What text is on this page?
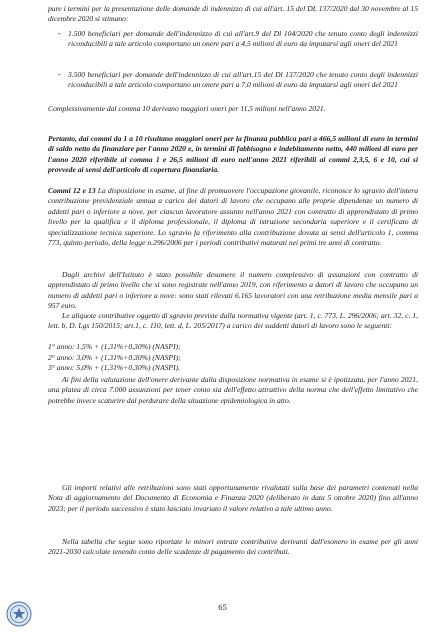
pure i termini per la presentazione delle domande di indennizzo di cui all'art. 15 del DL 137/2020 dal 30 novembre al 15 dicembre 2020 si stimano:

- 1.500 beneficiari per domande dell'indennizzo di cui all'art.9 del Dl 104/2020 che tenuto conto degli indennizzi riconducibili a tale articolo comportano un onere pari a 4,5 milioni di euro da imputarsi agli oneri del 2021

- 3.500 beneficiari per domande dell'indennizzo di cui all'art.15 del Dl 137/2020 che tenuto conto degli indennizzi riconducibili a tale articolo comportano un onere pari a 7,0 milioni di euro da imputarsi agli oneri del 2021

Complessivamente dal comma 10 derivano maggiori oneri per 11,5 milioni nell'anno 2021.

Pertanto, dai commi da 1 a 10 risultano maggiori oneri per la finanza pubblica pari a 466,5 milioni di euro in termini di saldo netto da finanziare per l'anno 2020 e, in termini di fabbisogno e indebitamento netto, 440 milioni di euro per l'anno 2020 riferibile al comma 1 e 26,5 milioni di euro nell'anno 2021 riferibili ai commi 2,3,5, 6 e 10, cui si provvede ai sensi dell'articolo di copertura finanziaria.

Commi 12 e 13 La disposizione in esame, al fine di promuovere l'occupazione giovanile, riconosce lo sgravio dell'intera contribuzione previdenziale annua a carico dei datori di lavoro che occupano alle proprie dipendenze un numero di addetti pari o inferiore a nove, per ciascun lavoratore assunto nell'anno 2021 con contratto di apprendistato di primo livello per la qualifica e il diploma professionale, il diploma di istruzione secondaria superiore e il certificato di specializzazione tecnica superiore. Lo sgravio fa riferimento alla contribuzione dovuta ai sensi dell'articolo 1, comma 773, quinto periodo, della legge n.296/2006 per i periodi contributivi maturati nei primi tre anni di contratto.

Dagli archivi dell'Istituto è stato possibile desumere il numero complessivo di assunzioni con contratto di apprendistato di primo livello che si sono registrate nell'anno 2019, con riferimento a datori di lavoro che occupano un numero di addetti pari o inferiore a nove: sono stati rilevati 6.165 lavoratori con una retribuzione media mensile pari a 957 euro.

Le aliquote contributive oggetto di sgravio previste dalla normativa vigente (art. 1, c. 773, L. 296/2006; art. 32, c. 1, lett. b, D. Lgs 150/2015; art.1, c. 110, lett. d, L. 205/2017) a carico dei suddetti datori di lavoro sono le seguenti:

1° anno: 1,5% + (1,31%+0,30%) (NASPI);

2° anno: 3,0% + (1,31%+0,30%) (NASPI);

3° anno: 5,0% + (1,31%+0,30%) (NASPI).

Ai fini della valutazione dell'onere derivante dalla disposizione normativa in esame si è ipotizzata, per l'anno 2021, una platea di circa 7.000 assunzioni per tener conto sia dell'effetto attrattivo della norma che dell'effetto limitativo che potrebbe invece scaturire dal perdurare della situazione epidemiologica in atto.

Gli importi relativi alle retribuzioni sono stati opportunamente rivalutati sulla base dei parametri contenuti nella Nota di aggiornamento del Documento di Economia e Finanza 2020 (deliberato in data 5 ottobre 2020) fino all'anno 2023; per il periodo successivo è stato lasciato invariato il valore relativo a tale ultimo anno.

Nella tabella che segue sono riportate le minori entrate contributive derivanti dall'esonero in esame per gli anni 2021-2030 calcolate tenendo conto delle scadenze di pagamento dei contributi.

65
